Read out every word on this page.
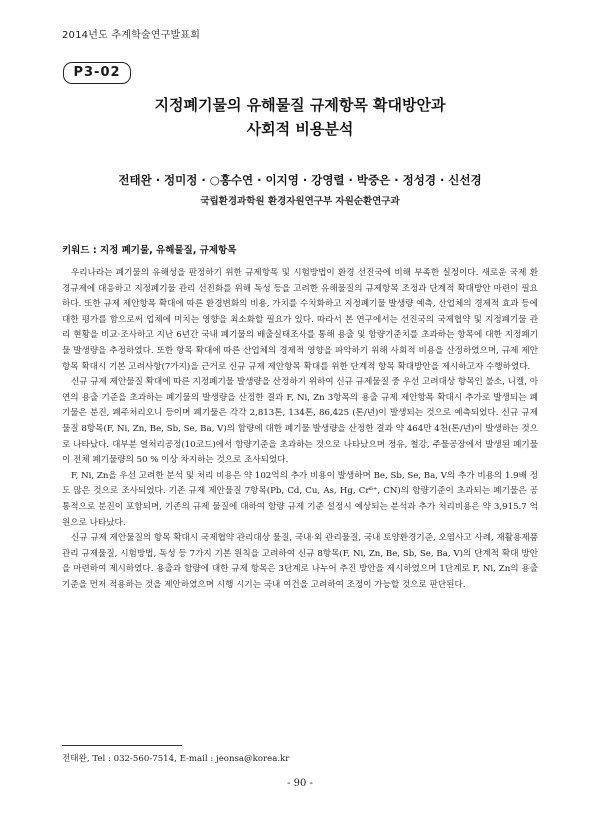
2014년도 추계학술연구발표회
P3-02
지정폐기물의 유해물질 규제항목 확대방안과
사회적 비용분석
전태완 · 정미정 · ○홍수연 · 이지영 · 강영렬 · 박중은 · 정성경 · 신선경
국립환경과학원 환경자원연구부 자원순환연구과
키워드 : 지정 폐기물, 유해물질, 규제항목

우리나라는 폐기물의 유해성을 판정하기 위한 규제항목 및 시험방법이 환경 선진국에 비해 부족한 실정이다. 새로운 국제 환경규제에 대응하고 지정폐기물 관리 선진화를 위해 독성 등을 고려한 유해물질의 규제항목 조정과 단계적 확대방안 마련이 필요하다. 또한 규제 제안항목 확대에 따른 환경변화의 비용, 가치를 수치화하고 지정폐기물 발생량 예측, 산업체의 경제적 효과 등에 대한 평가를 함으로써 업체에 미치는 영향을 최소화할 필요가 있다. 따라서 본 연구에서는 선진국의 국제협약 및 지정폐기물 관리 현황을 비교·조사하고 지난 6년간 국내 폐기물의 배출실태조사를 통해 용출 및 함량기준치를 초과하는 항목에 대한 지정폐기물 발생량을 추정하였다. 또한 항목 확대에 따른 산업체의 경제적 영향을 파악하기 위해 사회적 비용을 산정하였으며, 규제 제안항목 확대시 기본 고려사항(7가지)을 근거로 신규 규제 제안항목 확대를 위한 단계적 항목 확대방안을 제시하고자 수행하였다.

신규 규제 제안물질 확대에 따른 지정폐기물 발생량을 산정하기 위하여 신규 규제물질 중 우선 고려대상 항목인 불소, 니켈, 아연의 용출 기준을 초과하는 폐기물의 발생량을 산정한 결과 F, Ni, Zn 3항목의 용출 규제 제안항목 확대시 추가로 발생되는 폐기물은 분진, 폐주처리오니 등이며 폐기물은 각각 2,813톤, 134톤, 86,425 (톤/년)이 발생되는 것으로 예측되었다. 신규 규제물질 8항목(F, Ni, Zn, Be, Sb, Se, Ba, V)의 함량에 대한 폐기물 발생량을 산정한 결과 약 464만 4천(톤/년)이 발생하는 것으로 나타났다. 대부분 열처리공정(10코드)에서 함량기준을 초과하는 것으로 나타났으며 정유, 철강, 주물공장에서 발생된 폐기물이 전체 폐기물량의 50 % 이상 차지하는 것으로 조사되었다.

F, Ni, Zn을 우선 고려한 분석 및 처리 비용은 약 102억의 추가 비용이 발생하며 Be, Sb, Se, Ba, V의 추가 비용의 1.9배 정도 많은 것으로 조사되었다. 기존 규제 제안물질 7항목(Pb, Cd, Cu, As, Hg, Cr⁶⁺, CN)의 함량기준이 초과되는 폐기물은 공통적으로 분진이 포함되며, 기존의 규제 물질에 대하여 함량 규제 기준 설정시 예상되는 분석과 추가 처리비용은 약 3,915.7 억원으로 나타났다.

신규 규제 제안물질의 항목 확대시 국제협약 관리대상 물질, 국내·외 관리물질, 국내 토양환경기준, 오염사고 사례, 재활용제품 관리 규제물질, 시험방법, 독성 등 7가지 기본 원칙을 고려하여 신규 8항목(F, Ni, Zn, Be, Sb, Se, Ba, V)의 단계적 확대 방안을 마련하여 제시하였다. 용출과 함량에 대한 규제 항목은 3단계로 나누어 추진 방안을 제시하였으며 1단계로 F, Ni, Zn의 용출 기준을 먼저 적용하는 것을 제안하였으며 시행 시기는 국내 여건을 고려하여 조정이 가능할 것으로 판단된다.

전태완, Tel : 032-560-7514, E-mail : jeonsa@korea.kr
- 90 -
